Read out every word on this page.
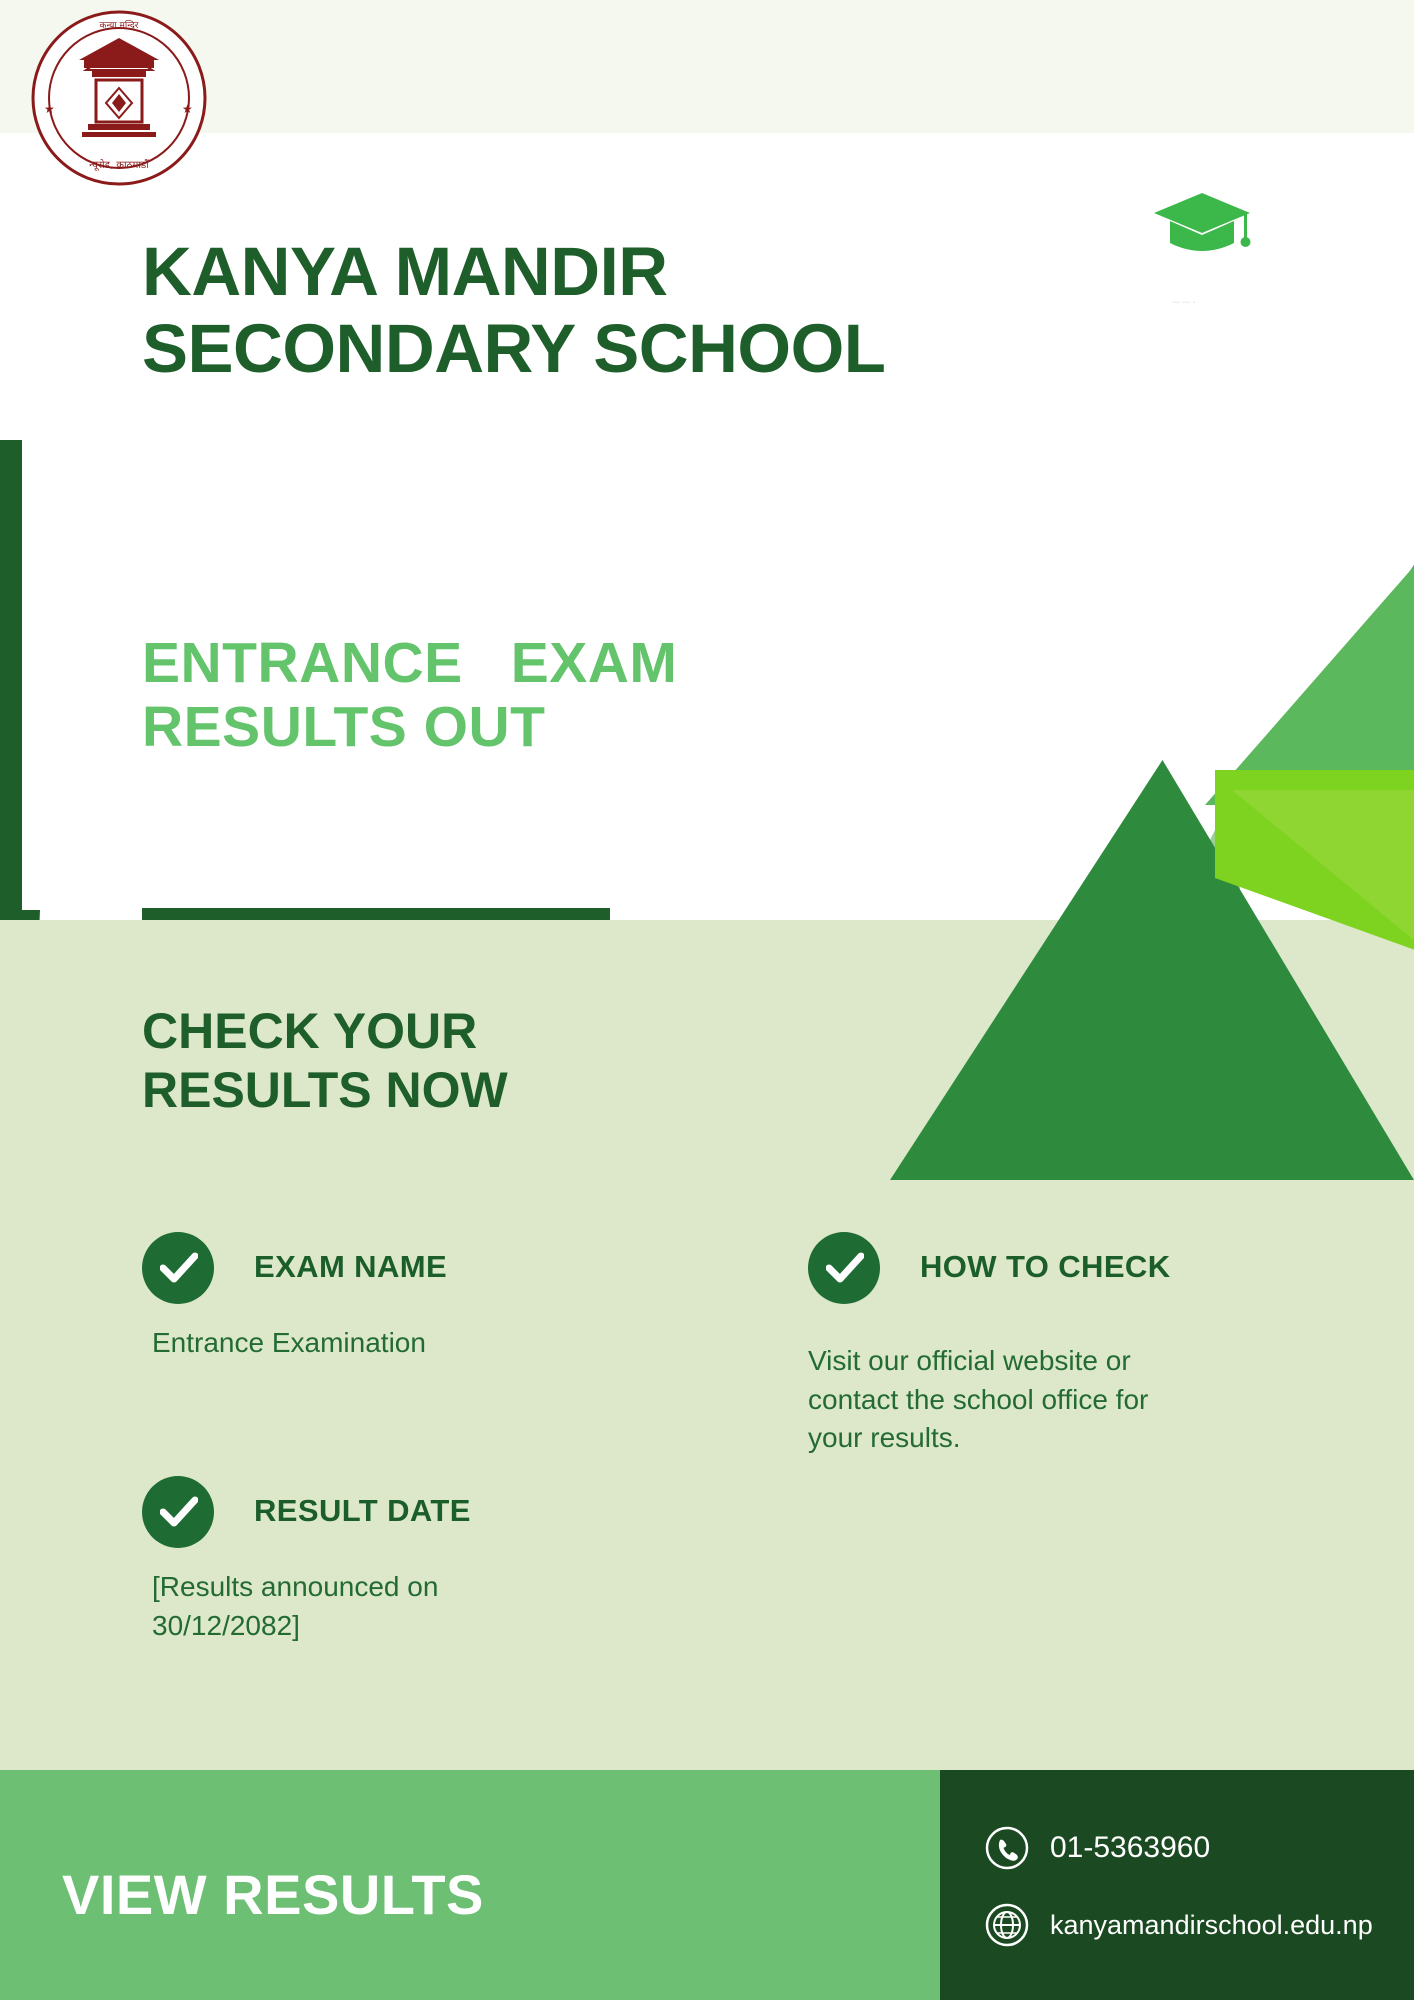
कन्या मन्दिर
न्यूरोड, काठमाडौं
★	★
KANYA MANDIR
SECONDARY SCHOOL
▫▫▫ ▫▫▫ ▫
ENTRANCE EXAM
RESULTS OUT
CHECK YOUR
RESULTS NOW
EXAM NAME
Entrance Examination
RESULT DATE
[Results announced on 30/12/2082]
HOW TO CHECK
Visit our official website or contact the school office for your results.
VIEW RESULTS
01-5363960
kanyamandirschool.edu.np
